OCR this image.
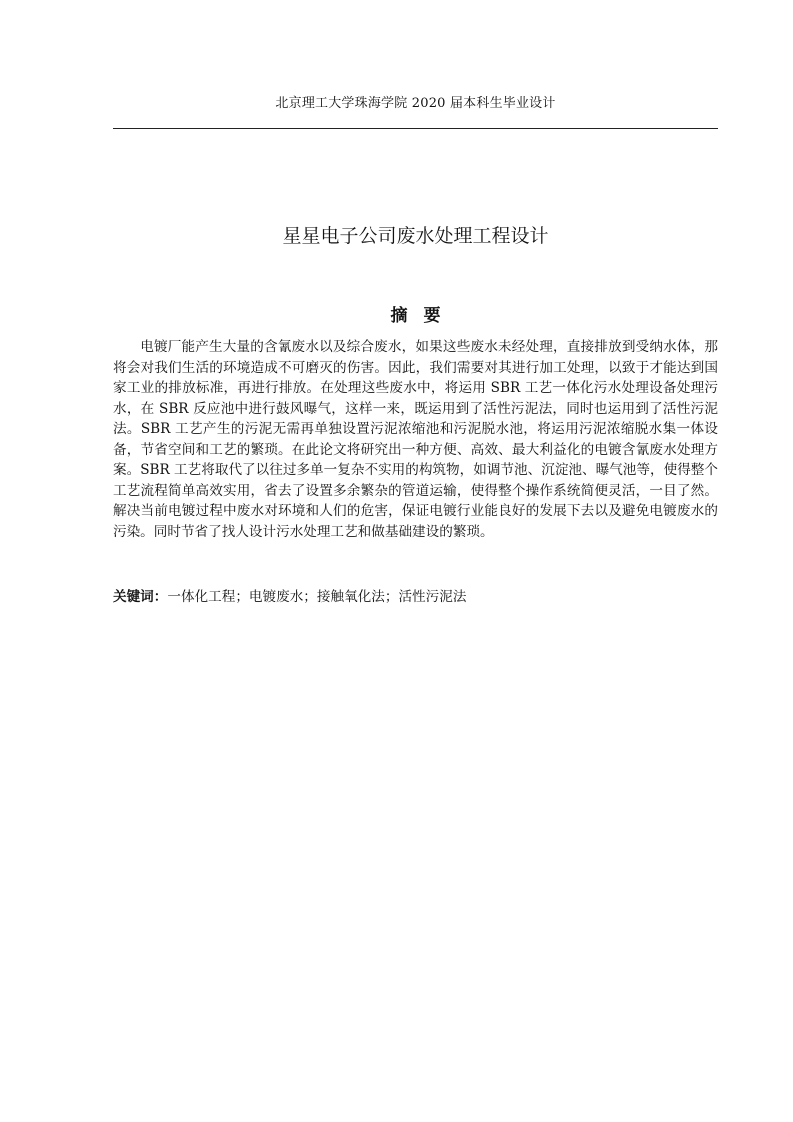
北京理工大学珠海学院 2020 届本科生毕业设计
星星电子公司废水处理工程设计
摘要

电镀厂能产生大量的含氰废水以及综合废水，如果这些废水未经处理，直接排放到受纳水体，那将会对我们生活的环境造成不可磨灭的伤害。因此，我们需要对其进行加工处理，以致于才能达到国家工业的排放标准，再进行排放。在处理这些废水中，将运用 SBR 工艺一体化污水处理设备处理污水，在 SBR 反应池中进行鼓风曝气，这样一来，既运用到了活性污泥法，同时也运用到了活性污泥法。SBR 工艺产生的污泥无需再单独设置污泥浓缩池和污泥脱水池，将运用污泥浓缩脱水集一体设备，节省空间和工艺的繁琐。在此论文将研究出一种方便、高效、最大利益化的电镀含氰废水处理方案。SBR 工艺将取代了以往过多单一复杂不实用的构筑物，如调节池、沉淀池、曝气池等，使得整个工艺流程简单高效实用，省去了设置多余繁杂的管道运输，使得整个操作系统简便灵活，一目了然。解决当前电镀过程中废水对环境和人们的危害，保证电镀行业能良好的发展下去以及避免电镀废水的污染。同时节省了找人设计污水处理工艺和做基础建设的繁琐。

关键词：一体化工程；电镀废水；接触氧化法；活性污泥法
